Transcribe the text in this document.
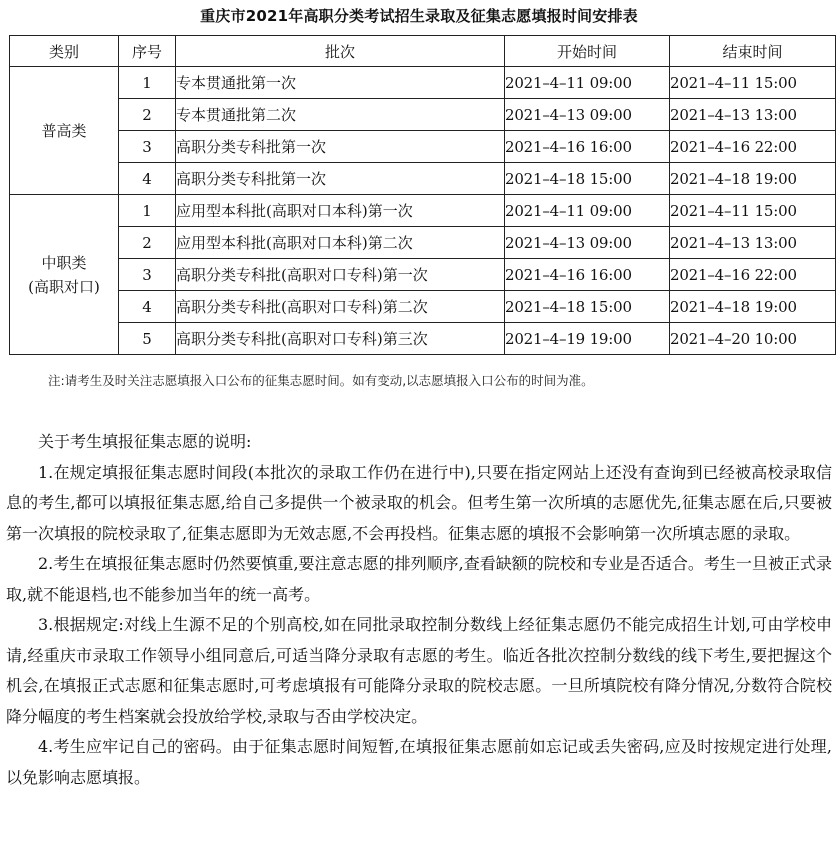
重庆市2021年高职分类考试招生录取及征集志愿填报时间安排表
类别	序号	批次	开始时间	结束时间

普高类	1	专本贯通批第一次	2021–4–11 09:00	2021–4–11 15:00
	2	专本贯通批第二次	2021–4–13 09:00	2021–4–13 13:00
	3	高职分类专科批第一次	2021–4–16 16:00	2021–4–16 22:00
	4	高职分类专科批第一次	2021–4–18 15:00	2021–4–18 19:00

中职类
(高职对口)	1	应用型本科批(高职对口本科)第一次	2021–4–11 09:00	2021–4–11 15:00
	2	应用型本科批(高职对口本科)第二次	2021–4–13 09:00	2021–4–13 13:00
	3	高职分类专科批(高职对口专科)第一次	2021–4–16 16:00	2021–4–16 22:00
	4	高职分类专科批(高职对口专科)第二次	2021–4–18 15:00	2021–4–18 19:00
	5	高职分类专科批(高职对口专科)第三次	2021–4–19 19:00	2021–4–20 10:00
注:请考生及时关注志愿填报入口公布的征集志愿时间。如有变动,以志愿填报入口公布的时间为准。

关于考生填报征集志愿的说明:

1.在规定填报征集志愿时间段(本批次的录取工作仍在进行中),只要在指定网站上还没有查询到已经被高校录取信息的考生,都可以填报征集志愿,给自己多提供一个被录取的机会。但考生第一次所填的志愿优先,征集志愿在后,只要被第一次填报的院校录取了,征集志愿即为无效志愿,不会再投档。征集志愿的填报不会影响第一次所填志愿的录取。

2.考生在填报征集志愿时仍然要慎重,要注意志愿的排列顺序,查看缺额的院校和专业是否适合。考生一旦被正式录取,就不能退档,也不能参加当年的统一高考。

3.根据规定:对线上生源不足的个别高校,如在同批录取控制分数线上经征集志愿仍不能完成招生计划,可由学校申请,经重庆市录取工作领导小组同意后,可适当降分录取有志愿的考生。临近各批次控制分数线的线下考生,要把握这个机会,在填报正式志愿和征集志愿时,可考虑填报有可能降分录取的院校志愿。一旦所填院校有降分情况,分数符合院校降分幅度的考生档案就会投放给学校,录取与否由学校决定。

4.考生应牢记自己的密码。由于征集志愿时间短暂,在填报征集志愿前如忘记或丢失密码,应及时按规定进行处理,以免影响志愿填报。
